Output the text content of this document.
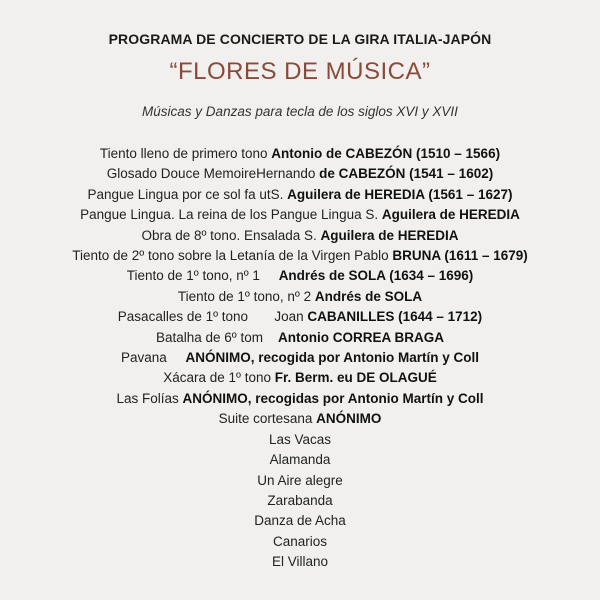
PROGRAMA DE CONCIERTO DE LA GIRA ITALIA-JAPÓN
“FLORES DE MÚSICA”
Músicas y Danzas para tecla de los siglos XVI y XVII
Tiento lleno de primero tono Antonio de CABEZÓN (1510 – 1566)
Glosado Douce MemoireHernando de CABEZÓN (1541 – 1602)
Pangue Lingua por ce sol fa utS. Aguilera de HEREDIA (1561 – 1627)
Pangue Lingua. La reina de los Pangue Lingua S. Aguilera de HEREDIA
Obra de 8º tono. Ensalada S. Aguilera de HEREDIA
Tiento de 2º tono sobre la Letanía de la Virgen Pablo BRUNA (1611 – 1679)
Tiento de 1º tono, nº 1     Andrés de SOLA (1634 – 1696)
Tiento de 1º tono, nº 2 Andrés de SOLA
Pasacalles de 1º tono       Joan CABANILLES (1644 – 1712)
Batalha de 6º tom    Antonio CORREA BRAGA
Pavana     ANÓNIMO, recogida por Antonio Martín y Coll
Xácara de 1º tono Fr. Berm. eu DE OLAGUÉ
Las Folías ANÓNIMO, recogidas por Antonio Martín y Coll
Suite cortesana ANÓNIMO
Las Vacas
Alamanda
Un Aire alegre
Zarabanda
Danza de Acha
Canarios
El Villano
